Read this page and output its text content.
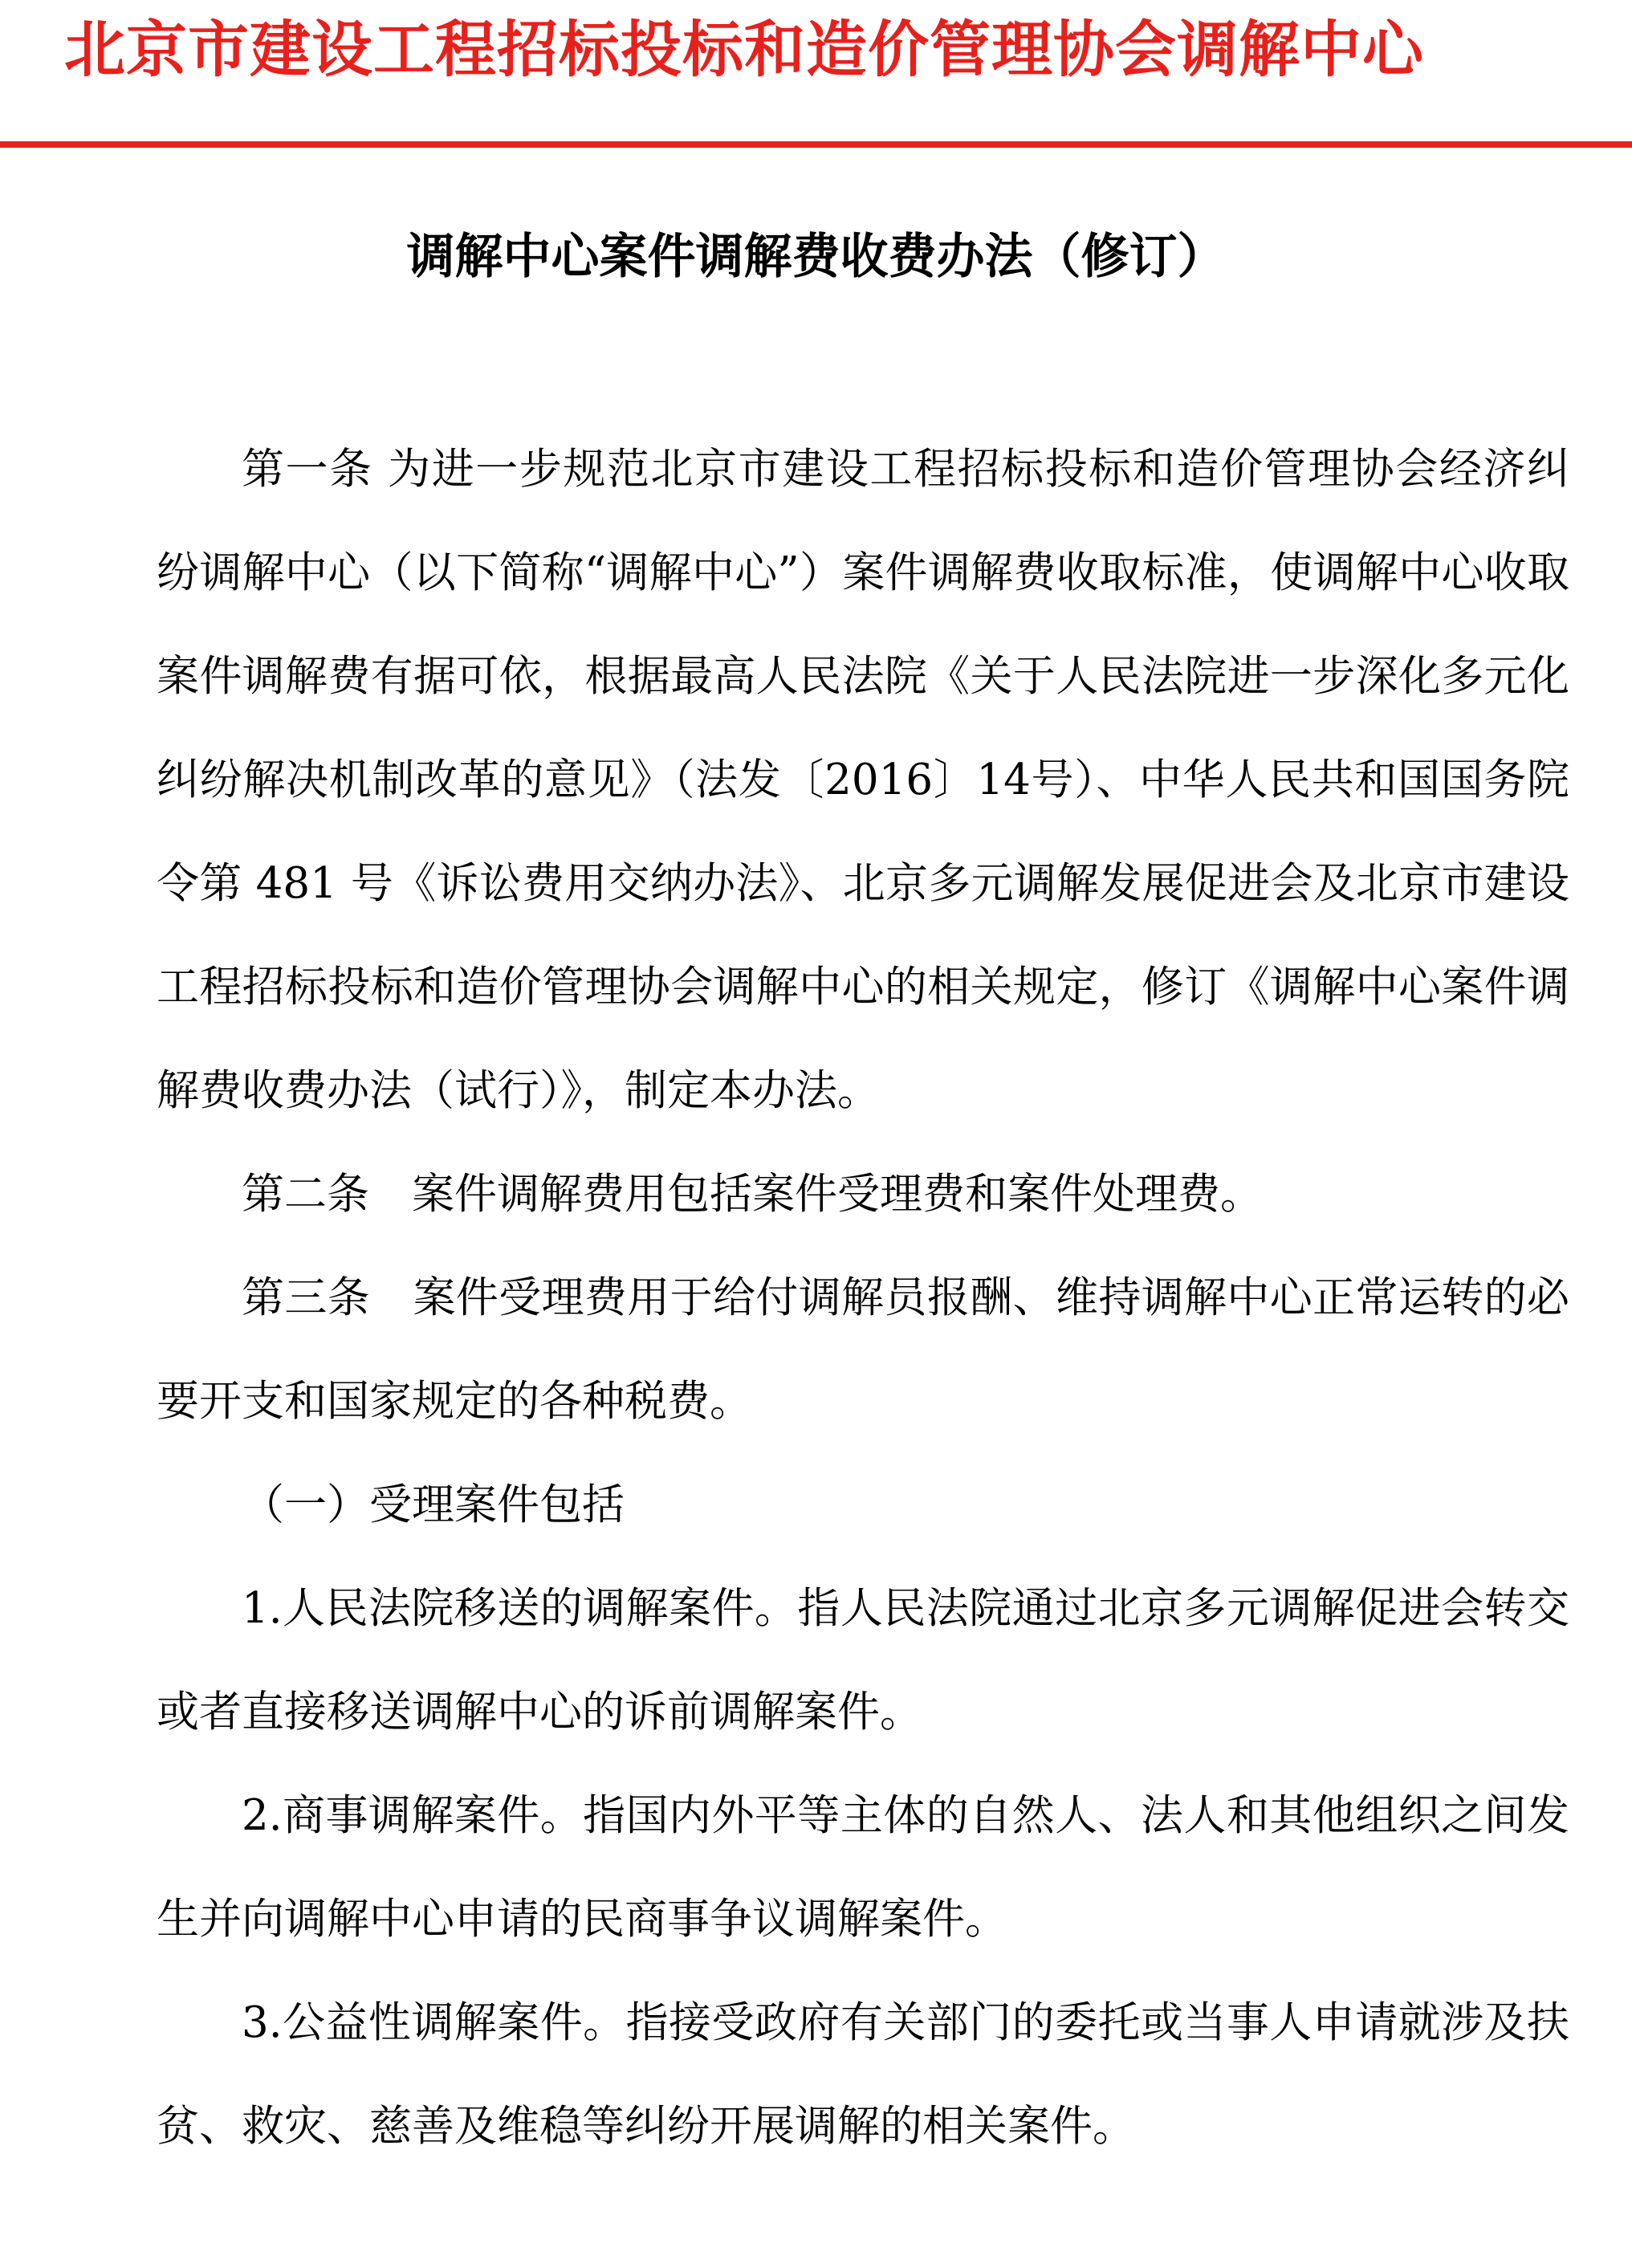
北京市建设工程招标投标和造价管理协会调解中心
调解中心案件调解费收费办法（修订）

第一条 为进一步规范北京市建设工程招标投标和造价管理协会经济纠纷调解中心（以下简称“调解中心”）案件调解费收取标准，使调解中心收取案件调解费有据可依，根据最高人民法院《关于人民法院进一步深化多元化纠纷解决机制改革的意见》（法发〔2016〕14号）、中华人民共和国国务院令第 481 号《诉讼费用交纳办法》、北京多元调解发展促进会及北京市建设工程招标投标和造价管理协会调解中心的相关规定，修订《调解中心案件调解费收费办法（试行）》，制定本办法。

第二条　案件调解费用包括案件受理费和案件处理费。

第三条　案件受理费用于给付调解员报酬、维持调解中心正常运转的必要开支和国家规定的各种税费。

（一）受理案件包括

1.人民法院移送的调解案件。指人民法院通过北京多元调解促进会转交或者直接移送调解中心的诉前调解案件。

2.商事调解案件。指国内外平等主体的自然人、法人和其他组织之间发生并向调解中心申请的民商事争议调解案件。

3.公益性调解案件。指接受政府有关部门的委托或当事人申请就涉及扶贫、救灾、慈善及维稳等纠纷开展调解的相关案件。
